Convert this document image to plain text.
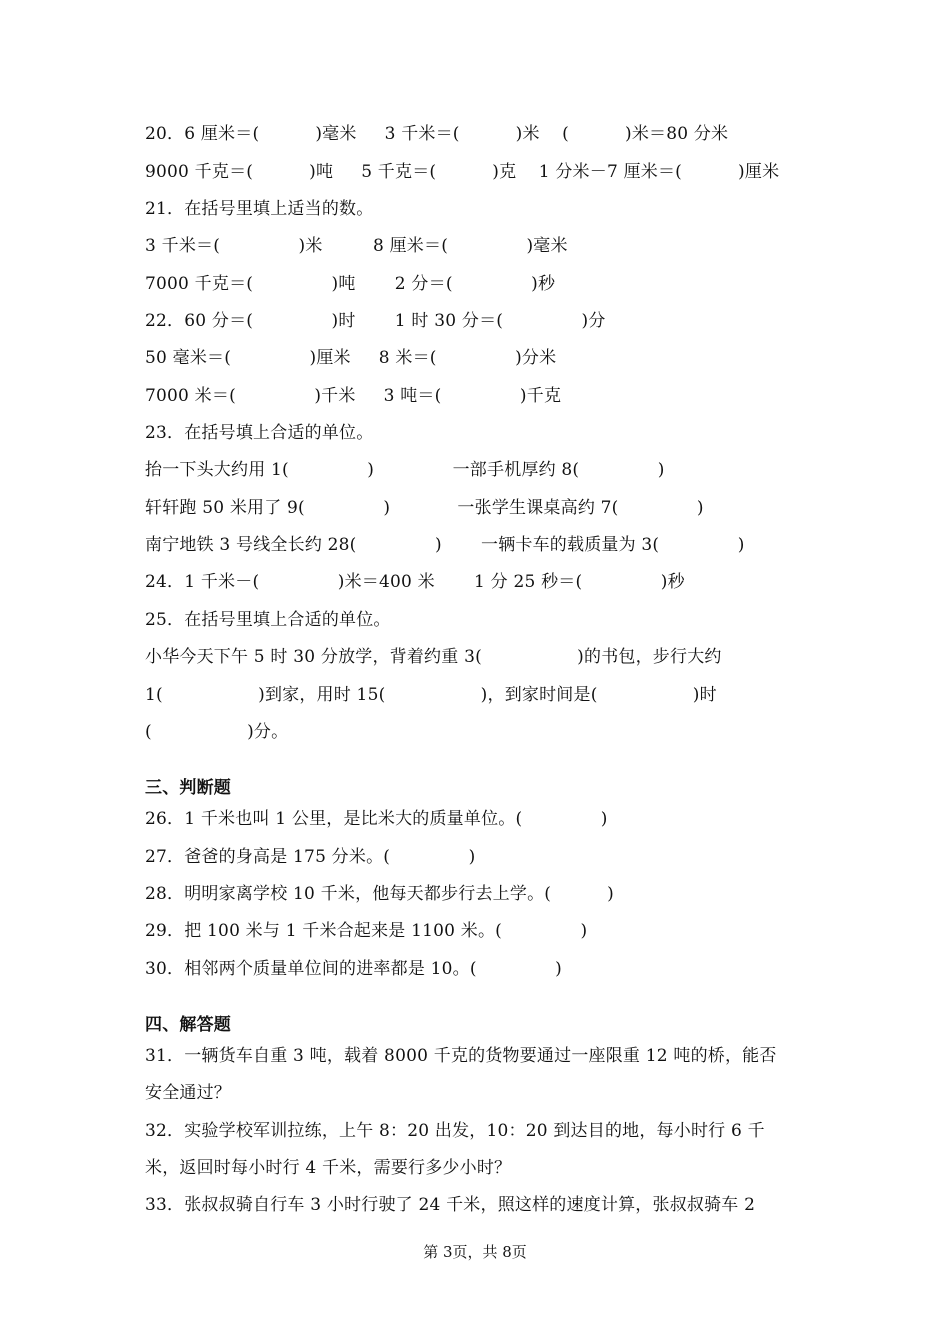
20．6 厘米＝(          )毫米     3 千米＝(          )米    (          )米＝80 分米
9000 千克＝(          )吨     5 千克＝(          )克    1 分米－7 厘米＝(          )厘米
21．在括号里填上适当的数。
3 千米＝(              )米         8 厘米＝(              )毫米
7000 千克＝(              )吨       2 分＝(              )秒
22．60 分＝(              )时       1 时 30 分＝(              )分
50 毫米＝(              )厘米     8 米＝(              )分米
7000 米＝(              )千米     3 吨＝(              )千克
23．在括号填上合适的单位。
抬一下头大约用 1(              )              一部手机厚约 8(              )
轩轩跑 50 米用了 9(              )            一张学生课桌高约 7(              )
南宁地铁 3 号线全长约 28(              )       一辆卡车的载质量为 3(              )
24．1 千米－(              )米＝400 米       1 分 25 秒＝(              )秒
25．在括号里填上合适的单位。
小华今天下午 5 时 30 分放学，背着约重 3(                 )的书包，步行大约
1(                 )到家，用时 15(                 )，到家时间是(                 )时
(                 )分。
三、判断题
26．1 千米也叫 1 公里，是比米大的质量单位。(              )
27．爸爸的身高是 175 分米。(              )
28．明明家离学校 10 千米，他每天都步行去上学。(          )
29．把 100 米与 1 千米合起来是 1100 米。(              )
30．相邻两个质量单位间的进率都是 10。(              )
四、解答题
31．一辆货车自重 3 吨，载着 8000 千克的货物要通过一座限重 12 吨的桥，能否
安全通过？
32．实验学校军训拉练，上午 8：20 出发，10：20 到达目的地，每小时行 6 千
米，返回时每小时行 4 千米，需要行多少小时？
33．张叔叔骑自行车 3 小时行驶了 24 千米，照这样的速度计算，张叔叔骑车 2
第 3页，共 8页
